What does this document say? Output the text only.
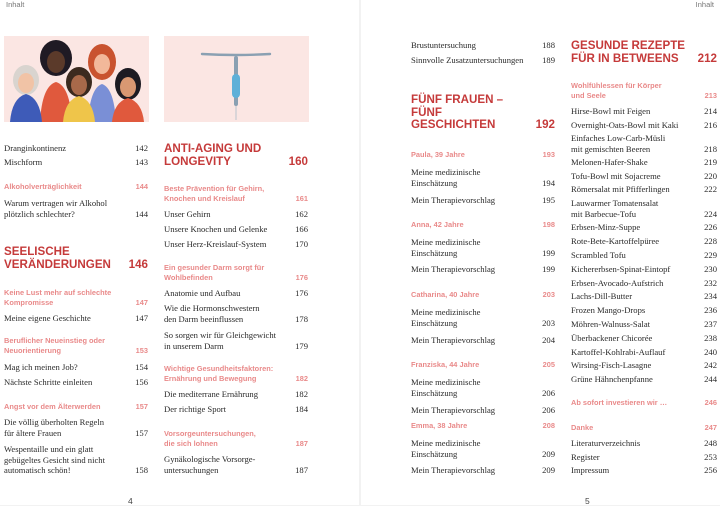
Inhalt
Dranginkontinenz	142
Mischform	143
Alkoholverträglichkeit	144
Warum vertragen wir Alkohol
plötzlich schlechter?	144
SEELISCHE
VERÄNDERUNGEN	146
Keine Lust mehr auf schlechte
Kompromisse	147
Meine eigene Geschichte	147
Beruflicher Neueinstieg oder
Neuorientierung	153
Mag ich meinen Job?	154
Nächste Schritte einleiten	156
Angst vor dem Älterwerden	157
Die völlig überholten Regeln
für ältere Frauen	157
Wespentaille und ein glatt
gebügeltes Gesicht sind nicht
automatisch schön!	158
ANTI-AGING UND
LONGEVITY	160
Beste Prävention für Gehirn,
Knochen und Kreislauf	161
Unser Gehirn	162
Unsere Knochen und Gelenke	166
Unser Herz-Kreislauf-System	170
Ein gesunder Darm sorgt für
Wohlbefinden	176
Anatomie und Aufbau	176
Wie die Hormonschwestern
den Darm beeinflussen	178
So sorgen wir für Gleichgewicht
in unserem Darm	179
Wichtige Gesundheitsfaktoren:
Ernährung und Bewegung	182
Die mediterrane Ernährung	182
Der richtige Sport	184
Vorsorgeuntersuchungen,
die sich lohnen	187
Gynäkologische Vorsorge-
untersuchungen	187
4
Inhalt
Brustuntersuchung	188
Sinnvolle Zusatzuntersuchungen	189
FÜNF FRAUEN –
FÜNF
GESCHICHTEN	192
Paula, 39 Jahre	193
Meine medizinische
Einschätzung	194
Mein Therapievorschlag	195
Anna, 42 Jahre	198
Meine medizinische
Einschätzung	199
Mein Therapievorschlag	199
Catharina, 40 Jahre	203
Meine medizinische
Einschätzung	203
Mein Therapievorschlag	204
Franziska, 44 Jahre	205
Meine medizinische
Einschätzung	206
Mein Therapievorschlag	206
Emma, 38 Jahre	208
Meine medizinische
Einschätzung	209
Mein Therapievorschlag	209
GESUNDE REZEPTE
FÜR IN BETWEENS	212
Wohlfühlessen für Körper
und Seele	213
Hirse-Bowl mit Feigen	214
Overnight-Oats-Bowl mit Kaki	216
Einfaches Low-Carb-Müsli
mit gemischten Beeren	218
Melonen-Hafer-Shake	219
Tofu-Bowl mit Sojacreme	220
Römersalat mit Pfifferlingen	222
Lauwarmer Tomatensalat
mit Barbecue-Tofu	224
Erbsen-Minz-Suppe	226
Rote-Bete-Kartoffelpüree	228
Scrambled Tofu	229
Kichererbsen-Spinat-Eintopf	230
Erbsen-Avocado-Aufstrich	232
Lachs-Dill-Butter	234
Frozen Mango-Drops	236
Möhren-Walnuss-Salat	237
Überbackener Chicorée	238
Kartoffel-Kohlrabi-Auflauf	240
Wirsing-Fisch-Lasagne	242
Grüne Hähnchenpfanne	244
Ab sofort investieren wir …	246
Danke	247
Literaturverzeichnis	248
Register	253
Impressum	256
5
